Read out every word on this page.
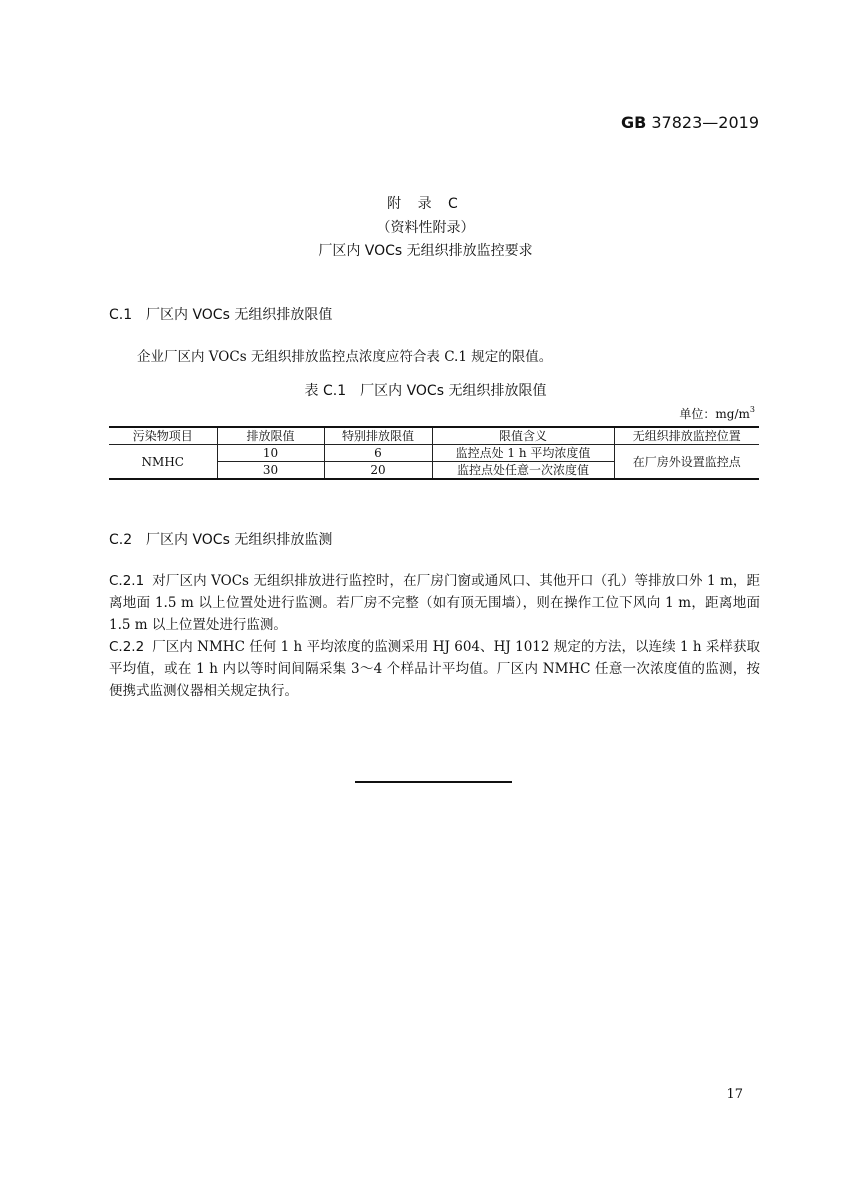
GB 37823—2019
附 录 C
（资料性附录）
厂区内 VOCs 无组织排放监控要求
C.1 厂区内 VOCs 无组织排放限值
企业厂区内 VOCs 无组织排放监控点浓度应符合表 C.1 规定的限值。
表 C.1　厂区内 VOCs 无组织排放限值
单位：$mg/m^3$
污染物项目	排放限值	特别排放限值	限值含义	无组织排放监控位置
NMHC	10	6	监控点处 1 h 平均浓度值	在厂房外设置监控点
	30	20	监控点处任意一次浓度值	
C.2 厂区内 VOCs 无组织排放监测
C.2.1 对厂区内 VOCs 无组织排放进行监控时，在厂房门窗或通风口、其他开口（孔）等排放口外 1 m，距离地面 1.5 m 以上位置处进行监测。若厂房不完整（如有顶无围墙），则在操作工位下风向 1 m，距离地面 1.5 m 以上位置处进行监测。
C.2.2 厂区内 NMHC 任何 1 h 平均浓度的监测采用 HJ 604、HJ 1012 规定的方法，以连续 1 h 采样获取平均值，或在 1 h 内以等时间间隔采集 3～4 个样品计平均值。厂区内 NMHC 任意一次浓度值的监测，按便携式监测仪器相关规定执行。
17
